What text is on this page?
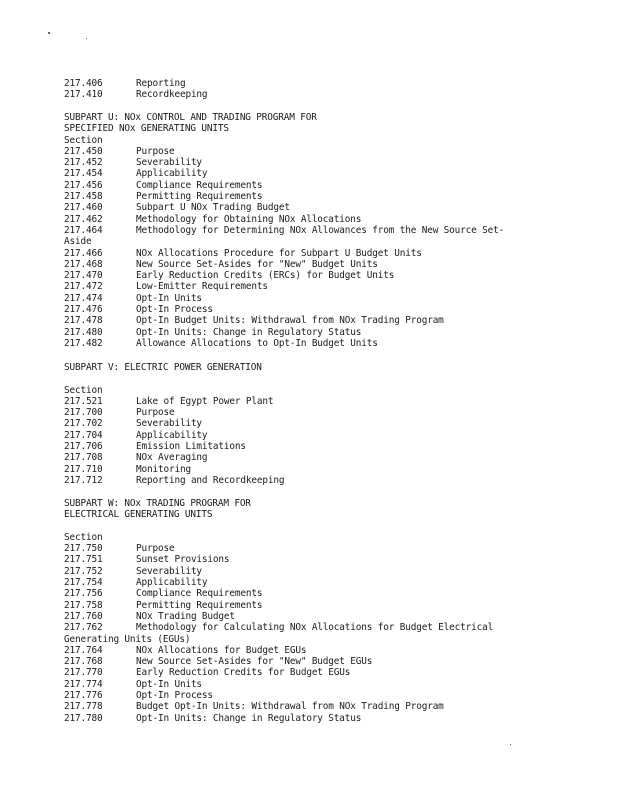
217.406	Reporting
217.410	Recordkeeping
SUBPART U: NOx CONTROL AND TRADING PROGRAM FOR
SPECIFIED NOx GENERATING UNITS
Section
217.450	Purpose
217.452	Severability
217.454	Applicability
217.456	Compliance Requirements
217.458	Permitting Requirements
217.460	Subpart U NOx Trading Budget
217.462	Methodology for Obtaining NOx Allocations
217.464	Methodology for Determining NOx Allowances from the New Source Set-
Aside
217.466	NOx Allocations Procedure for Subpart U Budget Units
217.468	New Source Set-Asides for "New" Budget Units
217.470	Early Reduction Credits (ERCs) for Budget Units
217.472	Low-Emitter Requirements
217.474	Opt-In Units
217.476	Opt-In Process
217.478	Opt-In Budget Units: Withdrawal from NOx Trading Program
217.480	Opt-In Units: Change in Regulatory Status
217.482	Allowance Allocations to Opt-In Budget Units
SUBPART V: ELECTRIC POWER GENERATION
Section
217.521	Lake of Egypt Power Plant
217.700	Purpose
217.702	Severability
217.704	Applicability
217.706	Emission Limitations
217.708	NOx Averaging
217.710	Monitoring
217.712	Reporting and Recordkeeping
SUBPART W: NOx TRADING PROGRAM FOR
ELECTRICAL GENERATING UNITS
Section
217.750	Purpose
217.751	Sunset Provisions
217.752	Severability
217.754	Applicability
217.756	Compliance Requirements
217.758	Permitting Requirements
217.760	NOx Trading Budget
217.762	Methodology for Calculating NOx Allocations for Budget Electrical
Generating Units (EGUs)
217.764	NOx Allocations for Budget EGUs
217.768	New Source Set-Asides for "New" Budget EGUs
217.770	Early Reduction Credits for Budget EGUs
217.774	Opt-In Units
217.776	Opt-In Process
217.778	Budget Opt-In Units: Withdrawal from NOx Trading Program
217.780	Opt-In Units: Change in Regulatory Status
